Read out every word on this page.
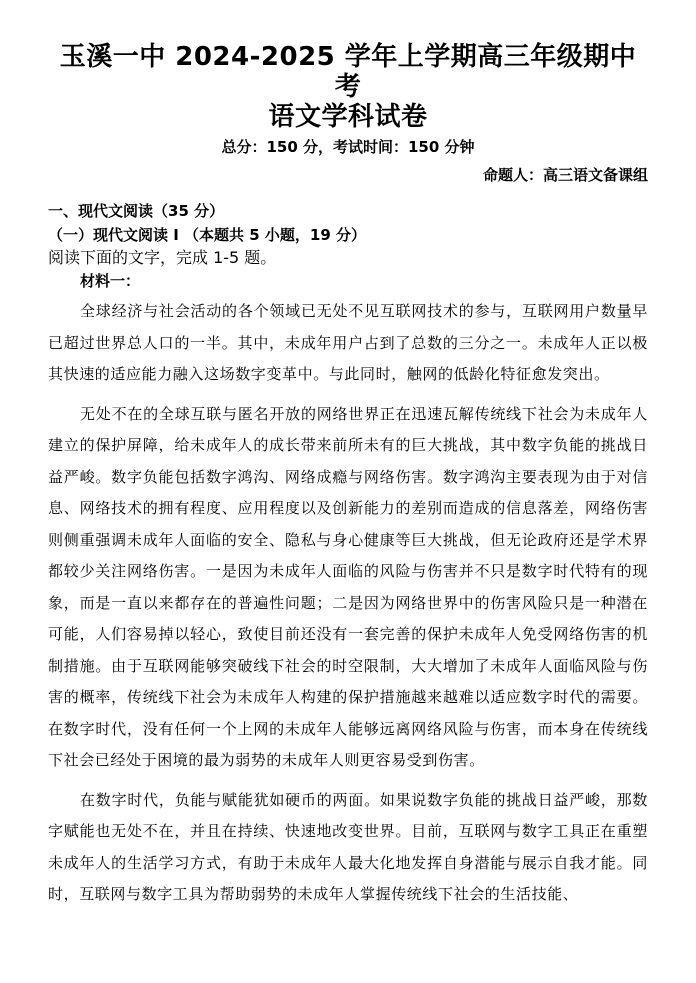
玉溪一中 2024-2025 学年上学期高三年级期中考
语文学科试卷
总分：150 分，考试时间：150 分钟
命题人：高三语文备课组
一、现代文阅读（35 分）
（一）现代文阅读 I （本题共 5 小题，19 分）
阅读下面的文字，完成 1-5 题。
材料一：

全球经济与社会活动的各个领域已无处不见互联网技术的参与，互联网用户数量早已超过世界总人口的一半。其中，未成年用户占到了总数的三分之一。未成年人正以极其快速的适应能力融入这场数字变革中。与此同时，触网的低龄化特征愈发突出。

无处不在的全球互联与匿名开放的网络世界正在迅速瓦解传统线下社会为未成年人建立的保护屏障，给未成年人的成长带来前所未有的巨大挑战，其中数字负能的挑战日益严峻。数字负能包括数字鸿沟、网络成瘾与网络伤害。数字鸿沟主要表现为由于对信息、网络技术的拥有程度、应用程度以及创新能力的差别而造成的信息落差，网络伤害则侧重强调未成年人面临的安全、隐私与身心健康等巨大挑战，但无论政府还是学术界都较少关注网络伤害。一是因为未成年人面临的风险与伤害并不只是数字时代特有的现象，而是一直以来都存在的普遍性问题；二是因为网络世界中的伤害风险只是一种潜在可能，人们容易掉以轻心，致使目前还没有一套完善的保护未成年人免受网络伤害的机制措施。由于互联网能够突破线下社会的时空限制，大大增加了未成年人面临风险与伤害的概率，传统线下社会为未成年人构建的保护措施越来越难以适应数字时代的需要。在数字时代，没有任何一个上网的未成年人能够远离网络风险与伤害，而本身在传统线下社会已经处于困境的最为弱势的未成年人则更容易受到伤害。

在数字时代，负能与赋能犹如硬币的两面。如果说数字负能的挑战日益严峻，那数字赋能也无处不在，并且在持续、快速地改变世界。目前，互联网与数字工具正在重塑未成年人的生活学习方式，有助于未成年人最大化地发挥自身潜能与展示自我才能。同时，互联网与数字工具为帮助弱势的未成年人掌握传统线下社会的生活技能、
